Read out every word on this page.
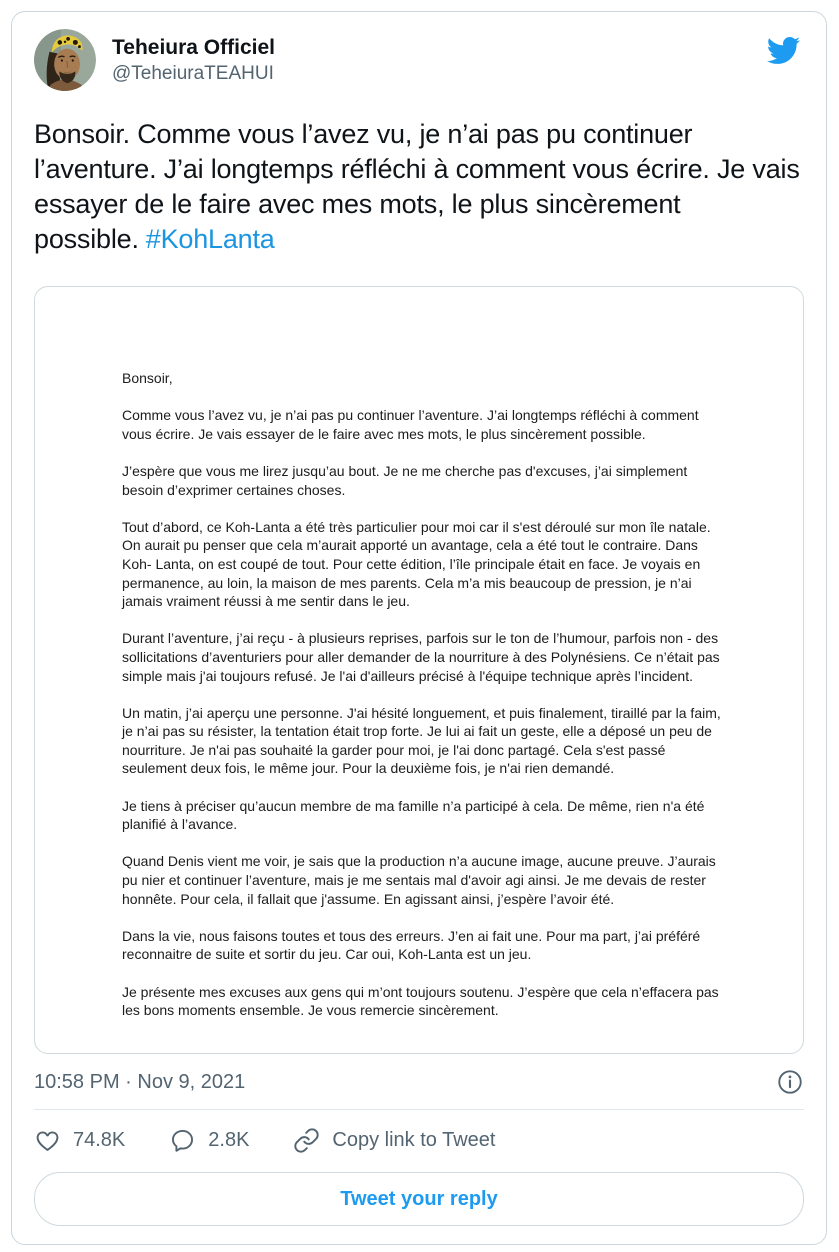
Teheiura Officiel
@TeheiuraTEAHUI
Bonsoir. Comme vous l’avez vu, je n’ai pas pu continuer l’aventure. J’ai longtemps réfléchi à comment vous écrire. Je vais essayer de le faire avec mes mots, le plus sincèrement possible. #KohLanta

Bonsoir,

Comme vous l’avez vu, je n’ai pas pu continuer l’aventure. J’ai longtemps réfléchi à comment vous écrire. Je vais essayer de le faire avec mes mots, le plus sincèrement possible.

J’espère que vous me lirez jusqu’au bout. Je ne me cherche pas d'excuses, j’ai simplement besoin d’exprimer certaines choses.

Tout d’abord, ce Koh-Lanta a été très particulier pour moi car il s'est déroulé sur mon île natale. On aurait pu penser que cela m’aurait apporté un avantage, cela a été tout le contraire. Dans Koh- Lanta, on est coupé de tout. Pour cette édition, l’île principale était en face. Je voyais en permanence, au loin, la maison de mes parents. Cela m’a mis beaucoup de pression, je n’ai jamais vraiment réussi à me sentir dans le jeu.

Durant l’aventure, j’ai reçu - à plusieurs reprises, parfois sur le ton de l’humour, parfois non - des sollicitations d’aventuriers pour aller demander de la nourriture à des Polynésiens. Ce n’était pas simple mais j'ai toujours refusé. Je l'ai d'ailleurs précisé à l'équipe technique après l’incident.

Un matin, j’ai aperçu une personne. J'ai hésité longuement, et puis finalement, tiraillé par la faim, je n’ai pas su résister, la tentation était trop forte. Je lui ai fait un geste, elle a déposé un peu de nourriture. Je n'ai pas souhaité la garder pour moi, je l'ai donc partagé. Cela s'est passé seulement deux fois, le même jour. Pour la deuxième fois, je n'ai rien demandé.

Je tiens à préciser qu’aucun membre de ma famille n’a participé à cela. De même, rien n'a été planifié à l’avance.

Quand Denis vient me voir, je sais que la production n’a aucune image, aucune preuve. J’aurais pu nier et continuer l’aventure, mais je me sentais mal d'avoir agi ainsi. Je me devais de rester honnête. Pour cela, il fallait que j'assume. En agissant ainsi, j’espère l’avoir été.

Dans la vie, nous faisons toutes et tous des erreurs. J’en ai fait une. Pour ma part, j’ai préféré reconnaitre de suite et sortir du jeu. Car oui, Koh-Lanta est un jeu.

Je présente mes excuses aux gens qui m’ont toujours soutenu. J’espère que cela n’effacera pas les bons moments ensemble. Je vous remercie sincèrement.

10:58 PM · Nov 9, 2021
74.8K	2.8K	Copy link to Tweet
Tweet your reply
